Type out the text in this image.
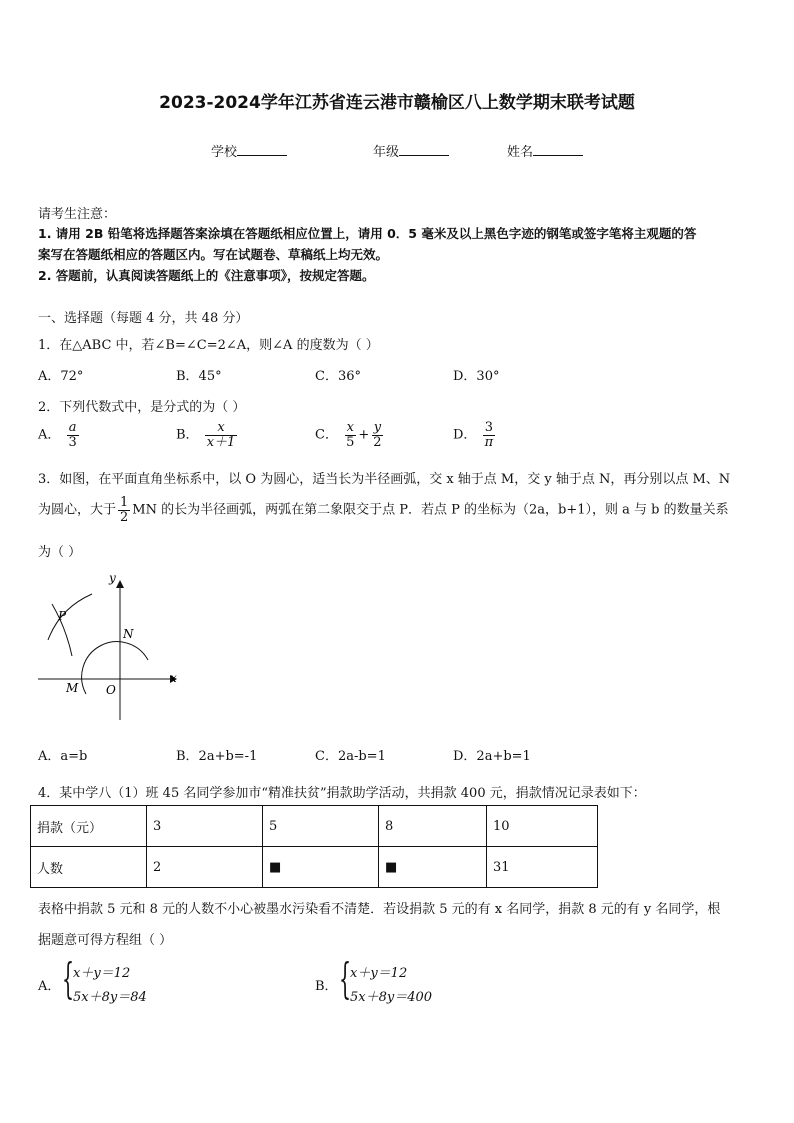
2023-2024学年江苏省连云港市赣榆区八上数学期末联考试题
学校	年级	姓名
请考生注意：
1. 请用 2B 铅笔将选择题答案涂填在答题纸相应位置上，请用 0．5 毫米及以上黑色字迹的钢笔或签字笔将主观题的答
案写在答题纸相应的答题区内。写在试题卷、草稿纸上均无效。
2. 答题前，认真阅读答题纸上的《注意事项》，按规定答题。
一、选择题（每题 4 分，共 48 分）
1．在△ABC 中，若∠B=∠C=2∠A，则∠A 的度数为（ ）
A．72°	B．45°	C．36°	D．30°
2．下列代数式中，是分式的为（ ）
A． $\frac{a}{3}$	B． $\frac{x}{x+1}$	C． $\frac{x}{5} + \frac{y}{2}$	D． $\frac{3}{\pi}$
3．如图，在平面直角坐标系中，以 O 为圆心，适当长为半径画弧，交 x 轴于点 M，交 y 轴于点 N，再分别以点 M、N
为圆心，大于 $\frac{1}{2}$ MN 的长为半径画弧，两弧在第二象限交于点 P．若点 P 的坐标为（2a，b+1），则 a 与 b 的数量关系
为（ ）
y
x
P
N
M O
A．a=b	B．2a+b=-1	C．2a-b=1	D．2a+b=1
4．某中学八（1）班 45 名同学参加市“精准扶贫”捐款助学活动，共捐款 400 元，捐款情况记录表如下：
捐款（元）	3	5	8	10
人数	2	■	■	31
表格中捐款 5 元和 8 元的人数不小心被墨水污染看不清楚．若设捐款 5 元的有 x 名同学，捐款 8 元的有 y 名同学，根
据题意可得方程组（ ）
A． {
x＋y＝12
5x＋8y＝84
B． {
x＋y＝12
5x＋8y＝400
